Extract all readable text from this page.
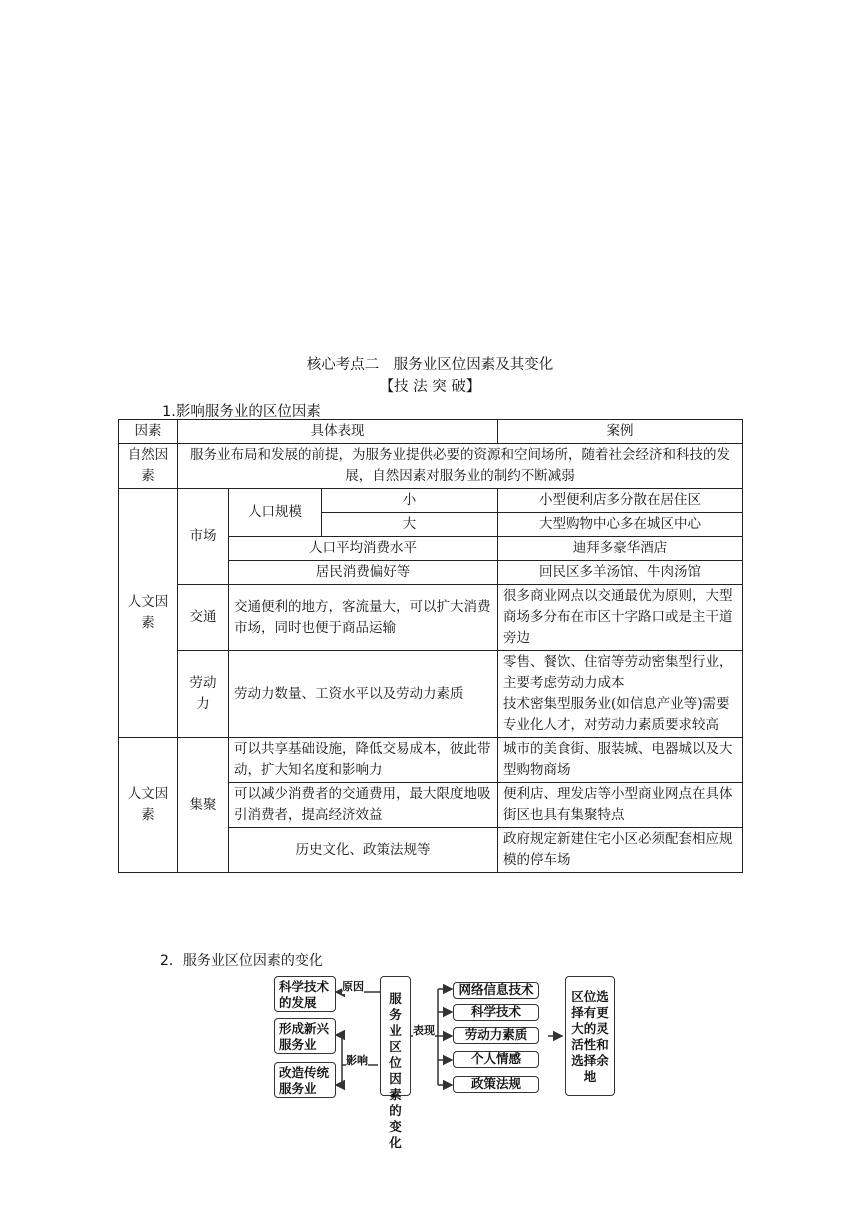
核心考点二　服务业区位因素及其变化
【技 法 突 破】
1.影响服务业的区位因素
因素	具体表现			案例
自然因素	服务业布局和发展的前提，为服务业提供必要的资源和空间场所，随着社会经济和科技的发展，自然因素对服务业的制约不断减弱			
人文因素	市场	人口规模	小	小型便利店多分散在居住区
			大	大型购物中心多在城区中心
		人口平均消费水平		迪拜多豪华酒店
		居民消费偏好等		回民区多羊汤馆、牛肉汤馆
	交通	交通便利的地方，客流量大，可以扩大消费市场，同时也便于商品运输		很多商业网点以交通最优为原则，大型商场多分布在市区十字路口或是主干道旁边
	劳动力	劳动力数量、工资水平以及劳动力素质		零售、餐饮、住宿等劳动密集型行业，主要考虑劳动力成本
技术密集型服务业(如信息产业等)需要专业化人才，对劳动力素质要求较高

人文因素	集聚	可以共享基础设施，降低交易成本，彼此带动，扩大知名度和影响力		城市的美食街、服装城、电器城以及大型购物商场
		可以减少消费者的交通费用，最大限度地吸引消费者，提高经济效益		便利店、理发店等小型商业网点在具体街区也具有集聚特点
		历史文化、政策法规等		政府规定新建住宅小区必须配套相应规模的停车场
2．服务业区位因素的变化
科学技术的发展
形成新兴服务业
改造传统服务业
原因
影响
服务业区位因素的变化
表现
网络信息技术
科学技术
劳动力素质
个人情感
政策法规
区位选择有更大的灵活性和选择余地
